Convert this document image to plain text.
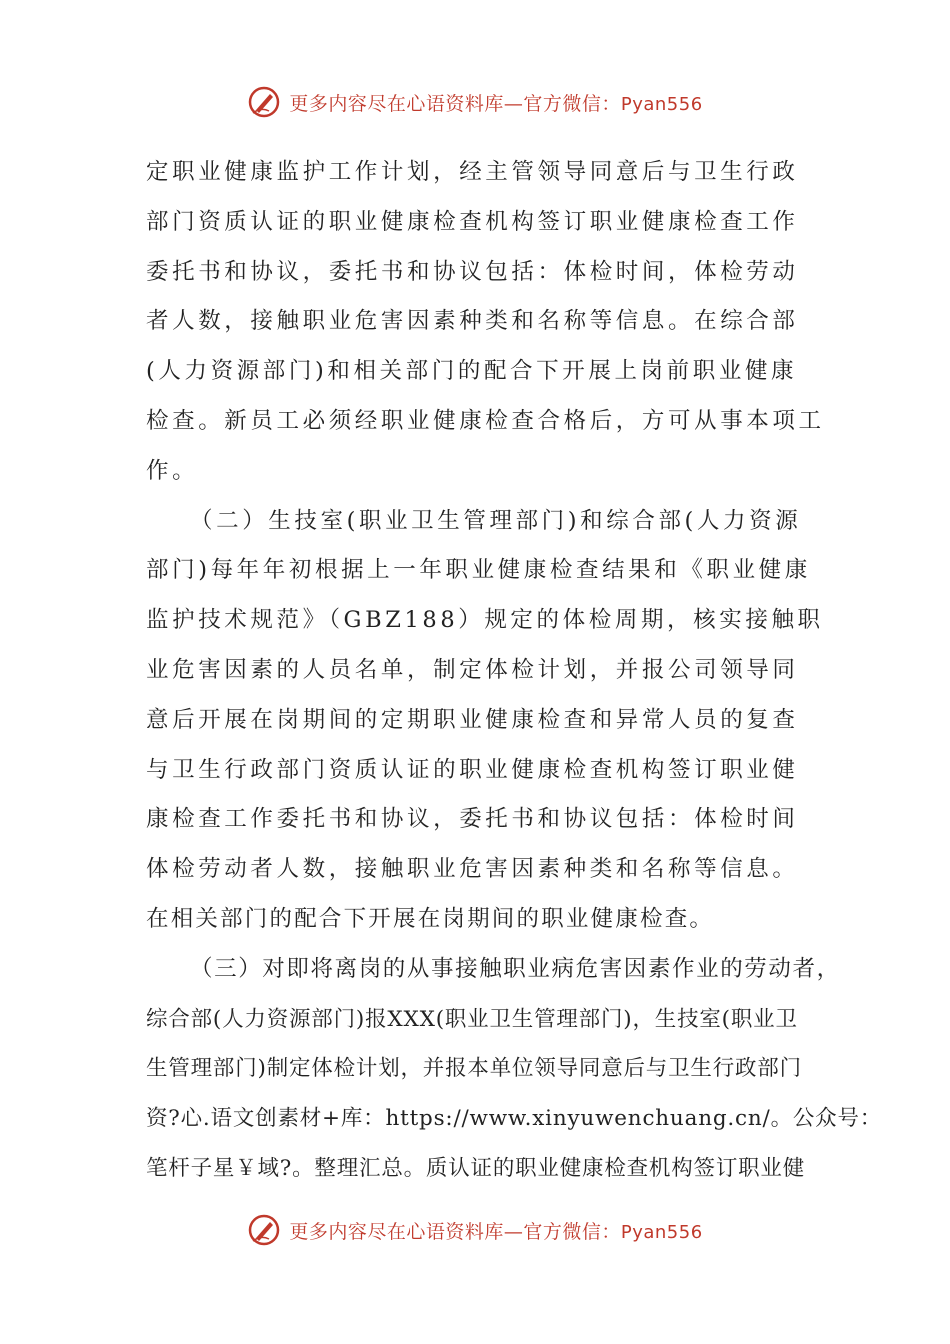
更多内容尽在心语资料库—官方微信：Pyan556
定职业健康监护工作计划，经主管领导同意后与卫生行政
部门资质认证的职业健康检查机构签订职业健康检查工作
委托书和协议，委托书和协议包括：体检时间，体检劳动
者人数，接触职业危害因素种类和名称等信息。在综合部
(人力资源部门)和相关部门的配合下开展上岗前职业健康
检查。新员工必须经职业健康检查合格后，方可从事本项工
作。
（二）生技室(职业卫生管理部门)和综合部(人力资源
部门)每年年初根据上一年职业健康检查结果和《职业健康
监护技术规范》（GBZ188）规定的体检周期，核实接触职
业危害因素的人员名单，制定体检计划，并报公司领导同
意后开展在岗期间的定期职业健康检查和异常人员的复查
与卫生行政部门资质认证的职业健康检查机构签订职业健
康检查工作委托书和协议，委托书和协议包括：体检时间
体检劳动者人数，接触职业危害因素种类和名称等信息。
在相关部门的配合下开展在岗期间的职业健康检查。
（三）对即将离岗的从事接触职业病危害因素作业的劳动者，
综合部(人力资源部门)报XXX(职业卫生管理部门)，生技室(职业卫
生管理部门)制定体检计划，并报本单位领导同意后与卫生行政部门
资?心.语文创素材+库：https://www.xinyuwenchuang.cn/。公众号：
笔杆子星￥域?。整理汇总。质认证的职业健康检查机构签订职业健
更多内容尽在心语资料库—官方微信：Pyan556
